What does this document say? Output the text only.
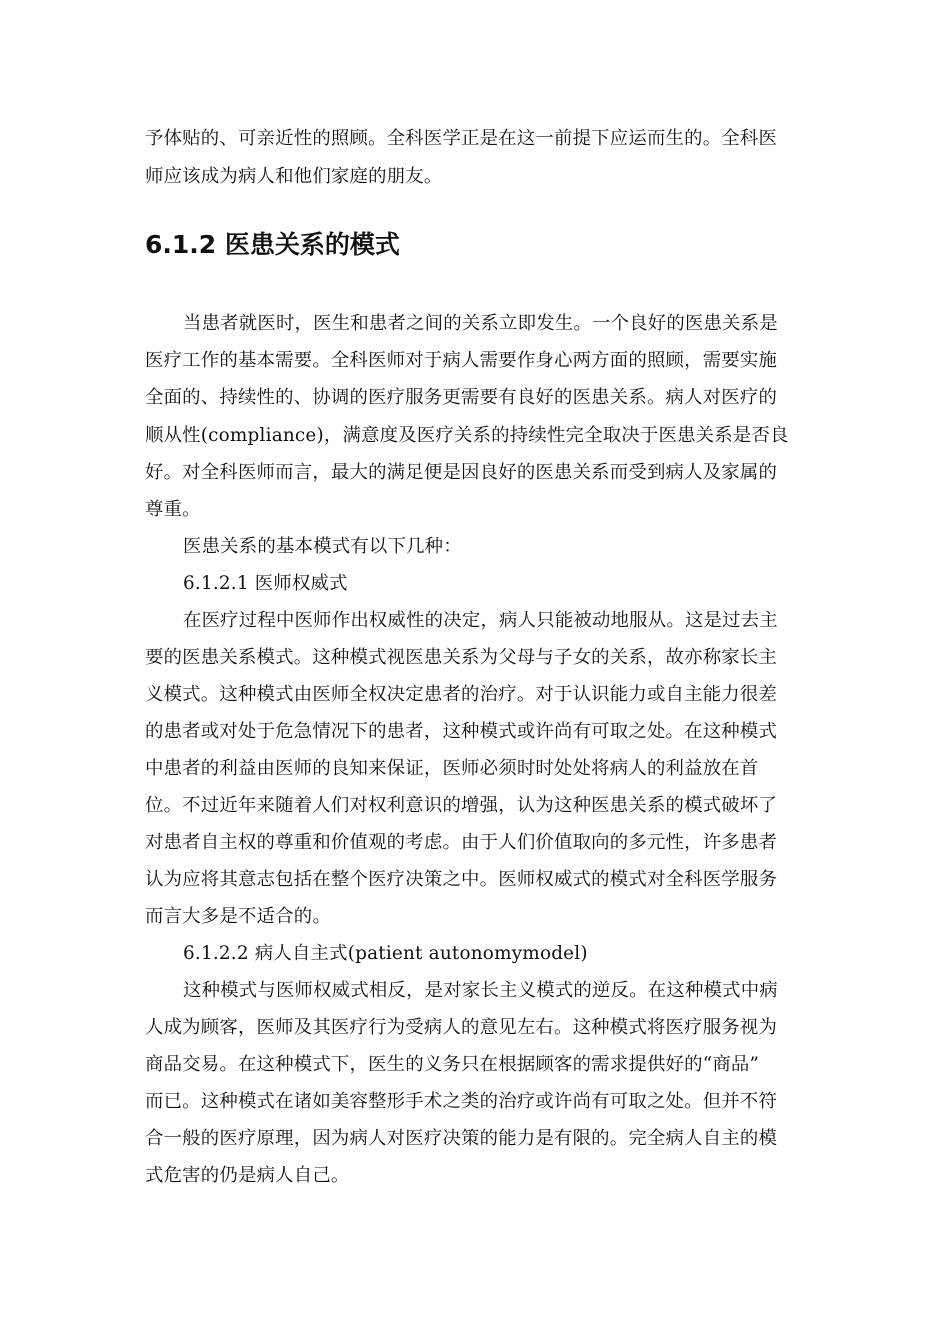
予体贴的、可亲近性的照顾。全科医学正是在这一前提下应运而生的。全科医
师应该成为病人和他们家庭的朋友。
6.1.2 医患关系的模式
当患者就医时，医生和患者之间的关系立即发生。一个良好的医患关系是
医疗工作的基本需要。全科医师对于病人需要作身心两方面的照顾，需要实施
全面的、持续性的、协调的医疗服务更需要有良好的医患关系。病人对医疗的
顺从性(compliance)，满意度及医疗关系的持续性完全取决于医患关系是否良
好。对全科医师而言，最大的满足便是因良好的医患关系而受到病人及家属的
尊重。
医患关系的基本模式有以下几种：
6.1.2.1 医师权威式
在医疗过程中医师作出权威性的决定，病人只能被动地服从。这是过去主
要的医患关系模式。这种模式视医患关系为父母与子女的关系，故亦称家长主
义模式。这种模式由医师全权决定患者的治疗。对于认识能力或自主能力很差
的患者或对处于危急情况下的患者，这种模式或许尚有可取之处。在这种模式
中患者的利益由医师的良知来保证，医师必须时时处处将病人的利益放在首
位。不过近年来随着人们对权利意识的增强，认为这种医患关系的模式破坏了
对患者自主权的尊重和价值观的考虑。由于人们价值取向的多元性，许多患者
认为应将其意志包括在整个医疗决策之中。医师权威式的模式对全科医学服务
而言大多是不适合的。
6.1.2.2 病人自主式(patient autonomymodel)
这种模式与医师权威式相反，是对家长主义模式的逆反。在这种模式中病
人成为顾客，医师及其医疗行为受病人的意见左右。这种模式将医疗服务视为
商品交易。在这种模式下，医生的义务只在根据顾客的需求提供好的“商品”
而已。这种模式在诸如美容整形手术之类的治疗或许尚有可取之处。但并不符
合一般的医疗原理，因为病人对医疗决策的能力是有限的。完全病人自主的模
式危害的仍是病人自己。
